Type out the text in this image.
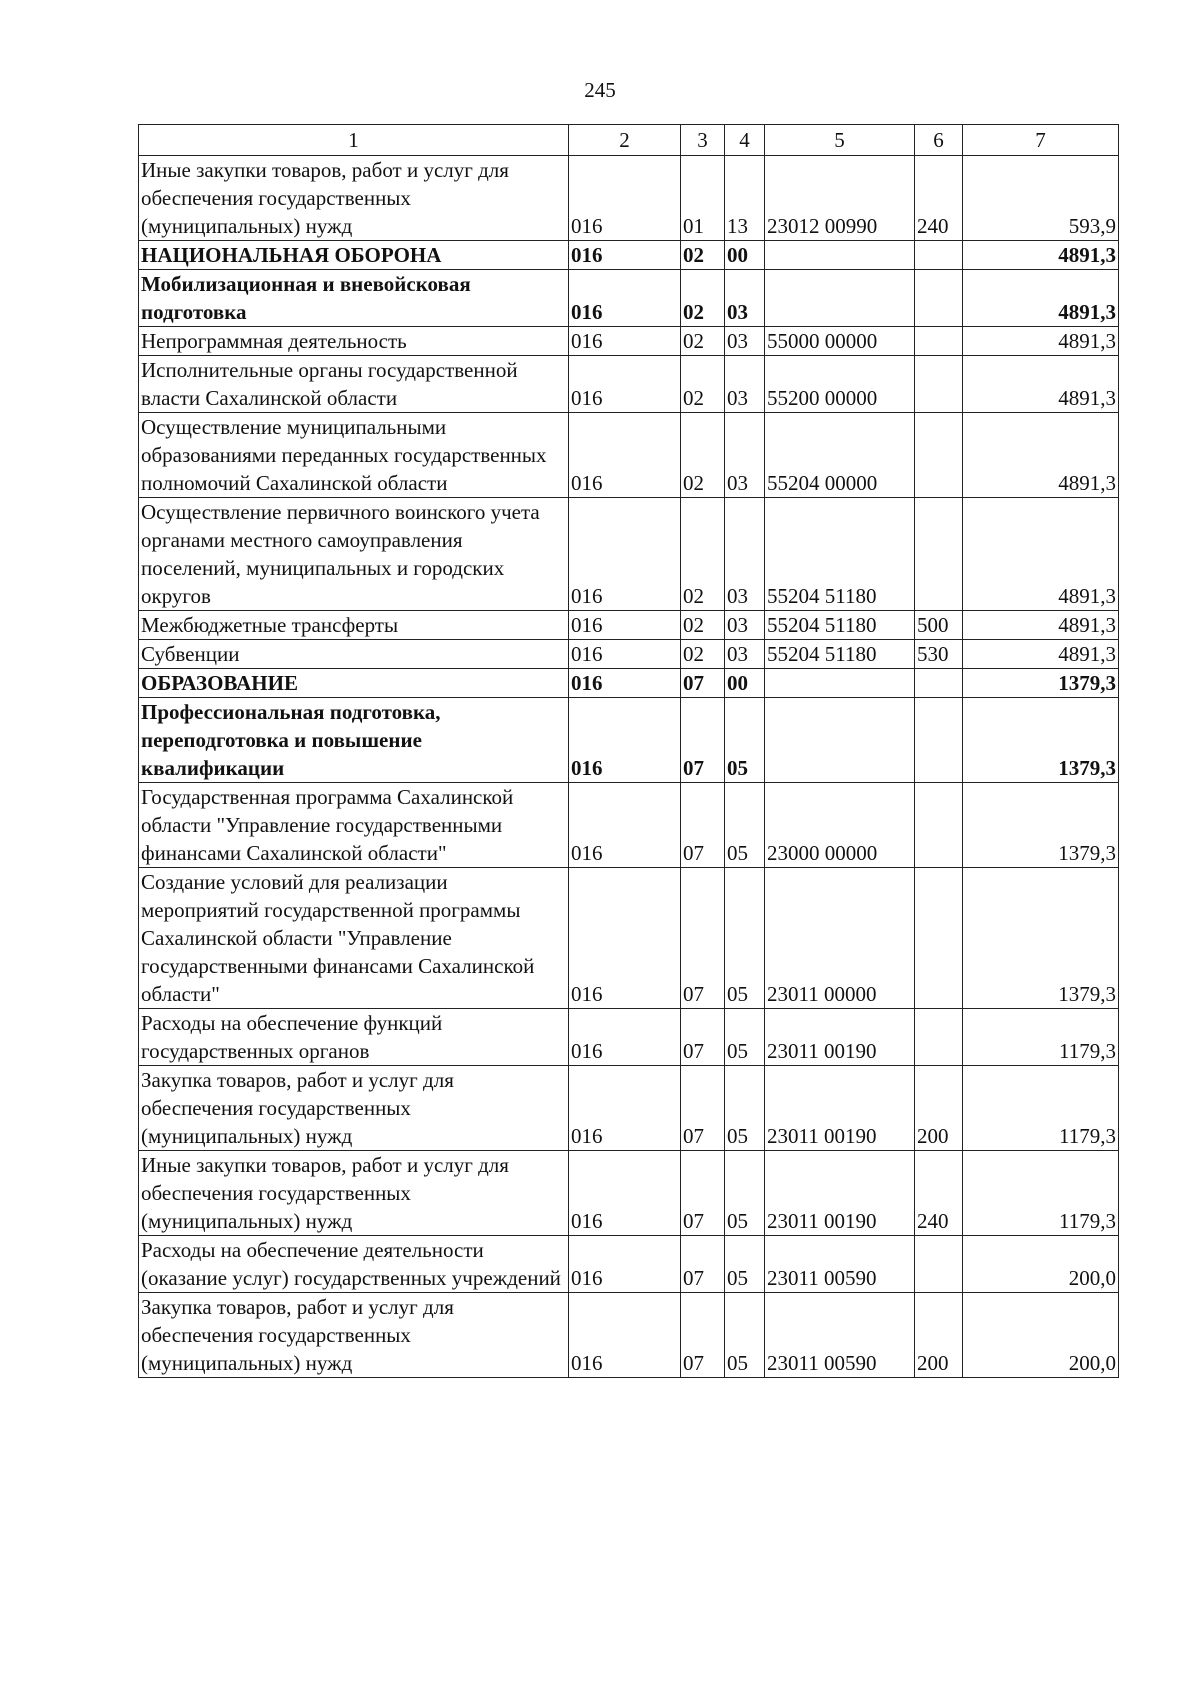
245
1	2	3	4	5	6	7
Иные закупки товаров, работ и услуг для обеспечения государственных (муниципальных) нужд	016	01	13	23012 00990	240	593,9
НАЦИОНАЛЬНАЯ ОБОРОНА	016	02	00			4891,3
Мобилизационная и вневойсковая подготовка	016	02	03			4891,3
Непрограммная деятельность	016	02	03	55000 00000		4891,3
Исполнительные органы государственной власти Сахалинской области	016	02	03	55200 00000		4891,3
Осуществление муниципальными образованиями переданных государственных полномочий Сахалинской области	016	02	03	55204 00000		4891,3
Осуществление первичного воинского учета органами местного самоуправления поселений, муниципальных и городских округов	016	02	03	55204 51180		4891,3
Межбюджетные трансферты	016	02	03	55204 51180	500	4891,3
Субвенции	016	02	03	55204 51180	530	4891,3
ОБРАЗОВАНИЕ	016	07	00			1379,3
Профессиональная подготовка, переподготовка и повышение квалификации	016	07	05			1379,3
Государственная программа Сахалинской области "Управление государственными финансами Сахалинской области"	016	07	05	23000 00000		1379,3
Создание условий для реализации мероприятий государственной программы Сахалинской области "Управление государственными финансами Сахалинской области"	016	07	05	23011 00000		1379,3
Расходы на обеспечение функций государственных органов	016	07	05	23011 00190		1179,3
Закупка товаров, работ и услуг для обеспечения государственных (муниципальных) нужд	016	07	05	23011 00190	200	1179,3
Иные закупки товаров, работ и услуг для обеспечения государственных (муниципальных) нужд	016	07	05	23011 00190	240	1179,3
Расходы на обеспечение деятельности (оказание услуг) государственных учреждений	016	07	05	23011 00590		200,0
Закупка товаров, работ и услуг для обеспечения государственных (муниципальных) нужд	016	07	05	23011 00590	200	200,0
